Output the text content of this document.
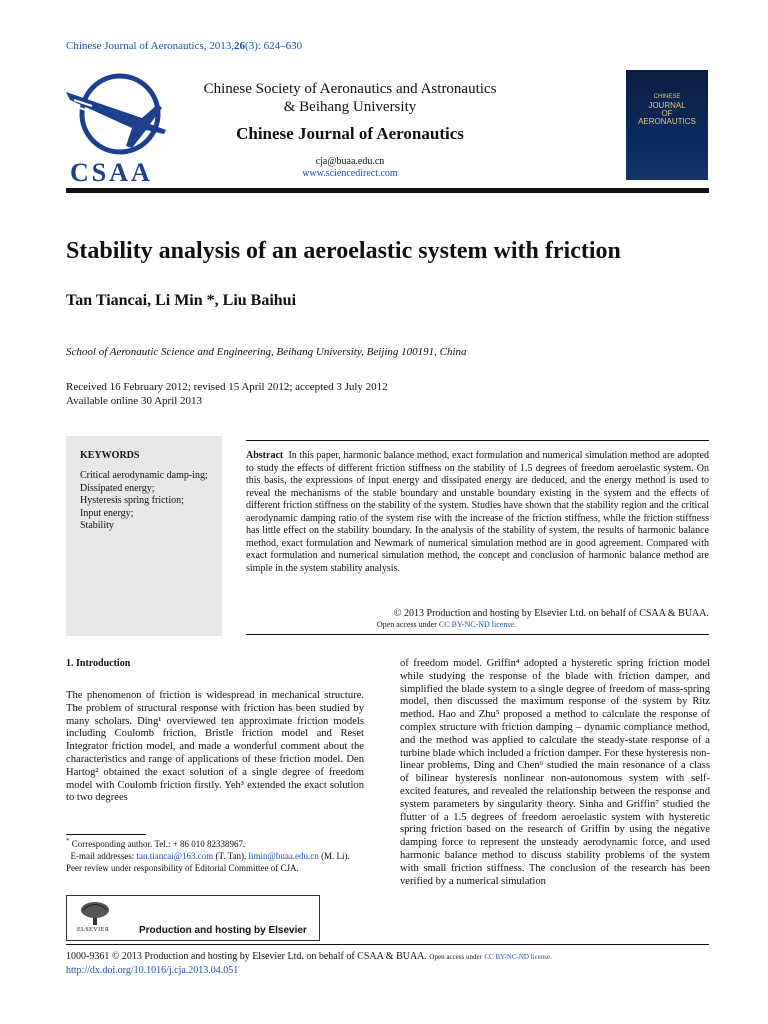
Chinese Journal of Aeronautics, 2013,26(3): 624–630
CSAA
Chinese Society of Aeronautics and Astronautics
& Beihang University
Chinese Journal of Aeronautics
cja@buaa.edu.cn
www.sciencedirect.com
CHINESE
JOURNAL
OF
AERONAUTICS
Stability analysis of an aeroelastic system with friction
Tan Tiancai, Li Min *, Liu Baihui
School of Aeronautic Science and Engineering, Beihang University, Beijing 100191, China
Received 16 February 2012; revised 15 April 2012; accepted 3 July 2012
Available online 30 April 2013
KEYWORDS
Critical aerodynamic damp-ing;
Dissipated energy;
Hysteresis spring friction;
Input energy;
Stability
Abstract In this paper, harmonic balance method, exact formulation and numerical simulation method are adopted to study the effects of different friction stiffness on the stability of 1.5 degrees of freedom aeroelastic system. On this basis, the expressions of input energy and dissipated energy are deduced, and the energy method is used to reveal the mechanisms of the stable boundary and unstable boundary existing in the system and the effects of different friction stiffness on the stability of the system. Studies have shown that the stability region and the critical aerodynamic damping ratio of the system rise with the increase of the friction stiffness, while the friction stiffness has little effect on the stability boundary. In the analysis of the stability of system, the results of harmonic balance method, exact formulation and Newmark of numerical simulation method are in good agreement. Compared with exact formulation and numerical simulation method, the concept and conclusion of harmonic balance method are simple in the system stability analysis.
© 2013 Production and hosting by Elsevier Ltd. on behalf of CSAA & BUAA.
Open access under CC BY-NC-ND license.
1. Introduction
The phenomenon of friction is widespread in mechanical structure. The problem of structural response with friction has been studied by many scholars. Ding¹ overviewed ten approximate friction models including Coulomb friction, Bristle friction model and Reset Integrator friction model, and made a wonderful comment about the characteristics and range of applications of these friction model. Den Hartog² obtained the exact solution of a single degree of freedom model with Coulomb friction firstly. Yeh³ extended the exact solution to two degrees
of freedom model. Griffin⁴ adopted a hysteretic spring friction model while studying the response of the blade with friction damper, and simplified the blade system to a single degree of freedom of mass-spring model, then discussed the maximum response of the system by Ritz method. Hao and Zhu⁵ proposed a method to calculate the response of complex structure with friction damping – dynamic compliance method, and the method was applied to calculate the steady-state response of a turbine blade which included a friction damper. For these hysteresis non-linear problems, Ding and Chen⁶ studied the main resonance of a class of bilinear hysteresis nonlinear non-autonomous system with self-excited features, and revealed the relationship between the response and system parameters by singularity theory. Sinha and Griffin⁷ studied the flutter of a 1.5 degrees of freedom aeroelastic system with hysteretic spring friction based on the research of Griffin by using the negative damping force to represent the unsteady aerodynamic force, and used harmonic balance method to discuss stability problems of the system with small friction stiffness. The conclusion of the research has been verified by a numerical simulation
* Corresponding author. Tel.: + 86 010 82338967.
E-mail addresses: tan.tiancai@163.com (T. Tan), limin@buaa.edu.cn (M. Li).
Peer review under responsibility of Editorial Committee of CJA.
ELSEVIER	Production and hosting by Elsevier
1000-9361 © 2013 Production and hosting by Elsevier Ltd. on behalf of CSAA & BUAA. Open access under CC BY-NC-ND license.
http://dx.doi.org/10.1016/j.cja.2013.04.051
